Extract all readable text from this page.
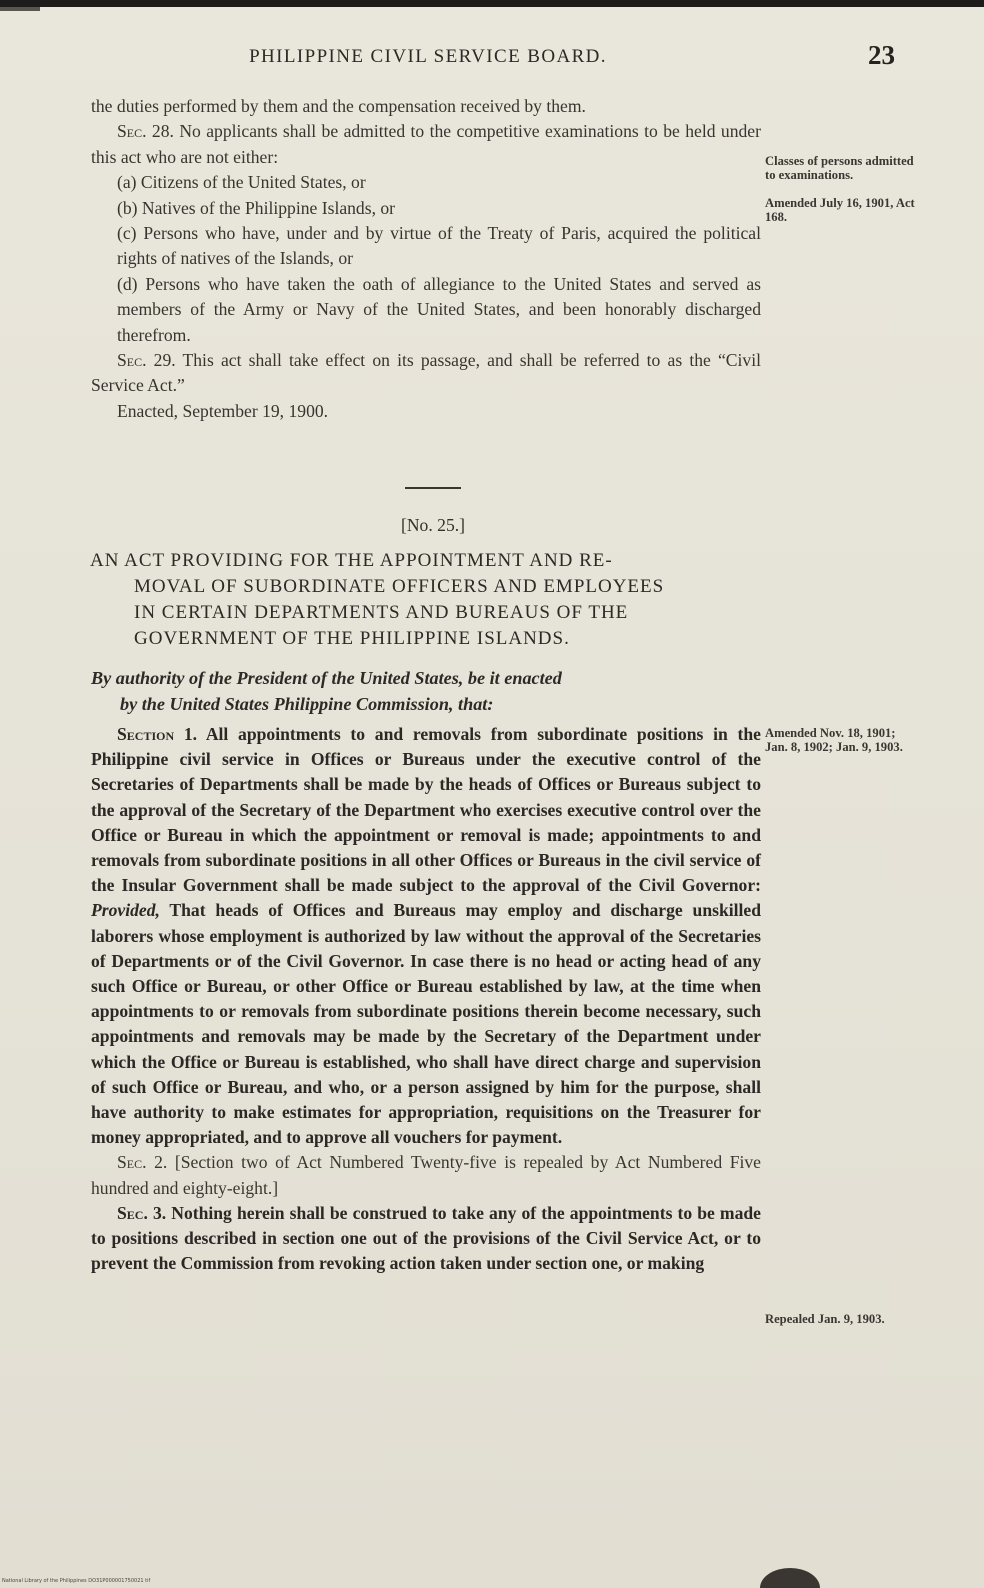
PHILIPPINE CIVIL SERVICE BOARD.	23

the duties performed by them and the compensation received by them.

Sec. 28. No applicants shall be admitted to the competitive examinations to be held under this act who are not either:

(a) Citizens of the United States, or
(b) Natives of the Philippine Islands, or
(c) Persons who have, under and by virtue of the Treaty of Paris, acquired the political rights of natives of the Islands, or
(d) Persons who have taken the oath of allegiance to the United States and served as members of the Army or Navy of the United States, and been honorably discharged therefrom.

Sec. 29. This act shall take effect on its passage, and shall be referred to as the “Civil Service Act.”

Enacted, September 19, 1900.

Classes of persons admitted to examinations.
Amended July 16, 1901, Act 168.
[No. 25.]
AN ACT PROVIDING FOR THE APPOINTMENT AND RE-
MOVAL OF SUBORDINATE OFFICERS AND EMPLOYEES
IN CERTAIN DEPARTMENTS AND BUREAUS OF THE
GOVERNMENT OF THE PHILIPPINE ISLANDS.
By authority of the President of the United States, be it enacted
by the United States Philippine Commission, that:

Section 1. All appointments to and removals from subordinate positions in the Philippine civil service in Offices or Bureaus under the executive control of the Secretaries of Departments shall be made by the heads of Offices or Bureaus subject to the approval of the Secretary of the Department who exercises executive control over the Office or Bureau in which the appointment or removal is made; appointments to and removals from subordinate positions in all other Offices or Bureaus in the civil service of the Insular Government shall be made subject to the approval of the Civil Governor: Provided, That heads of Offices and Bureaus may employ and discharge unskilled laborers whose employment is authorized by law without the approval of the Secretaries of Departments or of the Civil Governor. In case there is no head or acting head of any such Office or Bureau, or other Office or Bureau established by law, at the time when appointments to or removals from subordinate positions therein become necessary, such appointments and removals may be made by the Secretary of the Department under which the Office or Bureau is established, who shall have direct charge and supervision of such Office or Bureau, and who, or a person assigned by him for the purpose, shall have authority to make estimates for appropriation, requisitions on the Treasurer for money appropriated, and to approve all vouchers for payment.

Sec. 2. [Section two of Act Numbered Twenty-five is repealed by Act Numbered Five hundred and eighty-eight.]

Sec. 3. Nothing herein shall be construed to take any of the appointments to be made to positions described in section one out of the provisions of the Civil Service Act, or to prevent the Commission from revoking action taken under section one, or making

Amended Nov. 18, 1901; Jan. 8, 1902; Jan. 9, 1903.
Repealed Jan. 9, 1903.
National Library of the Philippines DO31P000001750021 tif
